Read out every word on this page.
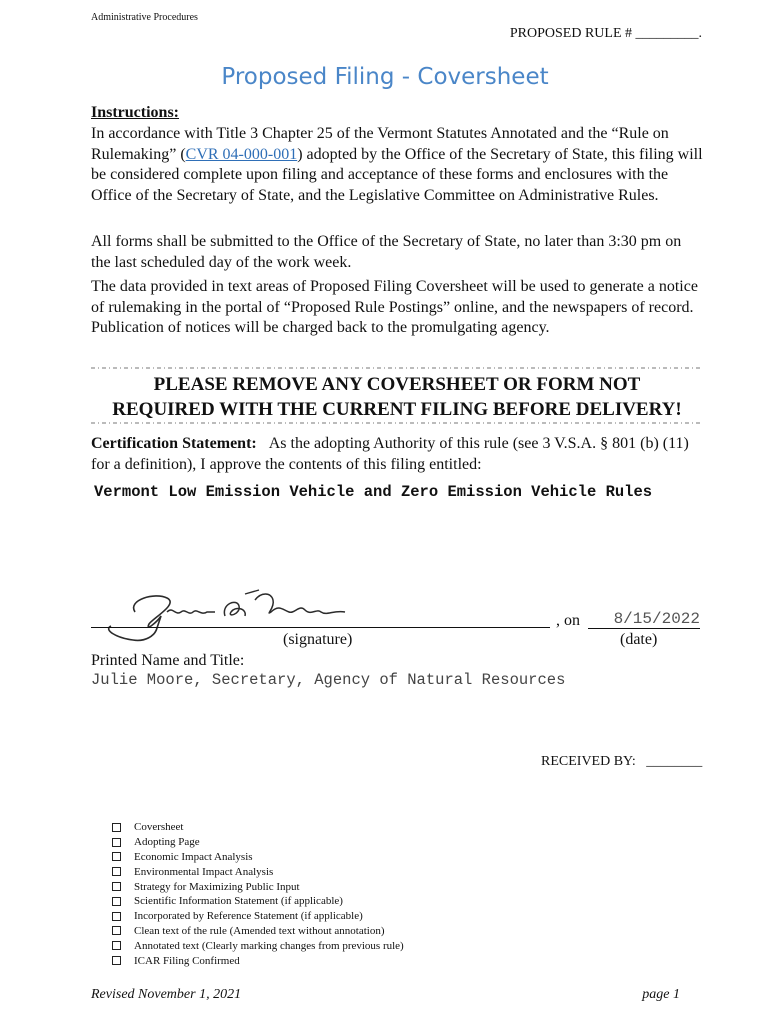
Administrative Procedures
PROPOSED RULE # _________.
Proposed Filing - Coversheet
Instructions:
In accordance with Title 3 Chapter 25 of the Vermont Statutes Annotated and the “Rule on Rulemaking” (CVR 04-000-001) adopted by the Office of the Secretary of State, this filing will be considered complete upon filing and acceptance of these forms and enclosures with the Office of the Secretary of State, and the Legislative Committee on Administrative Rules.
All forms shall be submitted to the Office of the Secretary of State, no later than 3:30 pm on the last scheduled day of the work week.
The data provided in text areas of Proposed Filing Coversheet will be used to generate a notice of rulemaking in the portal of “Proposed Rule Postings” online, and the newspapers of record. Publication of notices will be charged back to the promulgating agency.
PLEASE REMOVE ANY COVERSHEET OR FORM NOT
REQUIRED WITH THE CURRENT FILING BEFORE DELIVERY!
Certification Statement: As the adopting Authority of this rule (see 3 V.S.A. § 801 (b) (11) for a definition), I approve the contents of this filing entitled:
Vermont Low Emission Vehicle and Zero Emission Vehicle Rules
, on	8/15/2022
(signature)	(date)
Printed Name and Title:
Julie Moore, Secretary, Agency of Natural Resources
RECEIVED BY: ________
Coversheet
Adopting Page
Economic Impact Analysis
Environmental Impact Analysis
Strategy for Maximizing Public Input
Scientific Information Statement (if applicable)
Incorporated by Reference Statement (if applicable)
Clean text of the rule (Amended text without annotation)
Annotated text (Clearly marking changes from previous rule)
ICAR Filing Confirmed
Revised November 1, 2021	page 1
